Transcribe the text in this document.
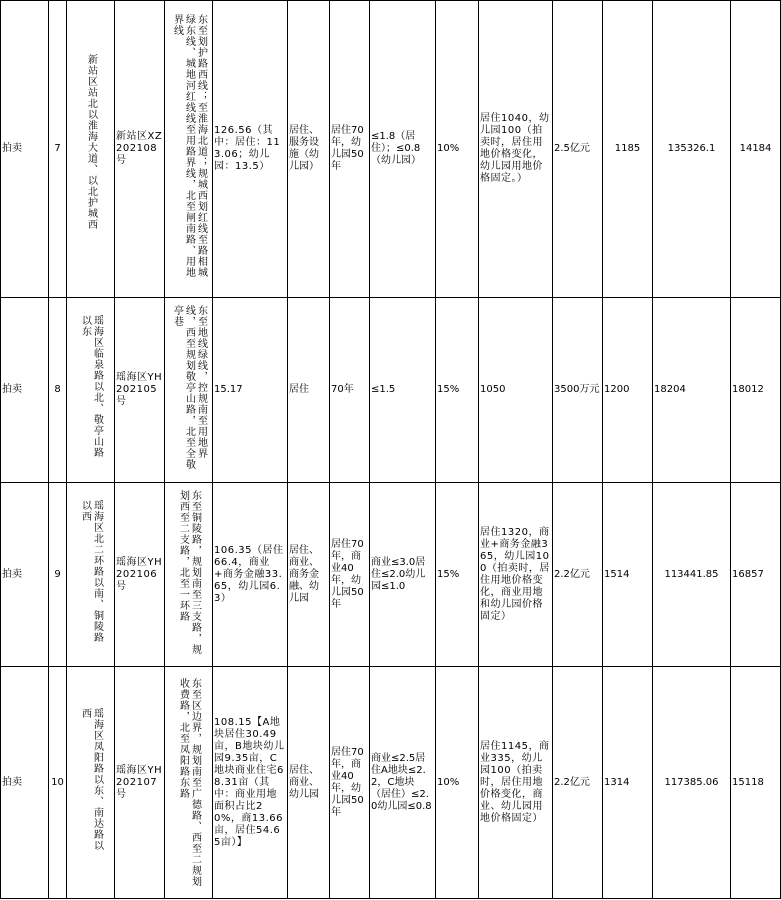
拍卖	7	新站区站北以淮海大道、以北护城西	新站区XZ202108号	东至划护路西线；至淮海北道；规城西划红线至路相城绿东线、城地河红线线至用路界线，北至闸南路、用地界线	126.56（其中：居住：113.06；幼儿园：13.5）	居住、服务设施（幼儿园）	居住70年，幼儿园50年	≤1.8（居住）；≤0.8（幼儿园）	10%	居住1040，幼儿园100（拍卖时，居住用地价格变化，幼儿园用地价格固定。）	2.5亿元	1185	135326.1	14184
拍卖	8	瑶海区临泉路以北、敬亭山路以东	瑶海区YH202105号	东至地线绿线，控规南至用地界线，西至规划敬亭山路，北至全敬亭巷	15.17	居住	70年	≤1.5	15%	1050	3500万元	1200	18204	18012
拍卖	9	瑶海区北二环路以南、铜陵路以西	瑶海区YH202106号	东至铜陵路，规划南至三支路，规划西至二支路，北至一环路	106.35（居住66.4，商业+商务金融33.65，幼儿园6.3）	居住、商业、商务金融、幼儿园	居住70年，商业40年，幼儿园50年	商业≤3.0居住≤2.0幼儿园≤1.0	15%	居住1320，商业+商务金融365，幼儿园100（拍卖时，居住用地价格变化，商业用地和幼儿园价格固定）	2.2亿元	1514	113441.85	16857
拍卖	10	瑶海区凤阳路以东、南达路以西	瑶海区YH202107号	东至区边界，规划南至广德路、西至二规划收费路，北至凤阳路东路	108.15【A地块居住30.49亩，B地块幼儿园9.35亩，C地块商业住宅68.31亩（其中：商业用地面积占比20%，商13.66亩，居住54.65亩）】	居住、商业、幼儿园	居住70年，商业40年，幼儿园50年	商业≤2.5居住A地块≤2.2，C地块（居住）≤2.0幼儿园≤0.8	10%	居住1145，商业335，幼儿园100（拍卖时，居住用地价格变化，商业、幼儿园用地价格固定）	2.2亿元	1314	117385.06	15118
